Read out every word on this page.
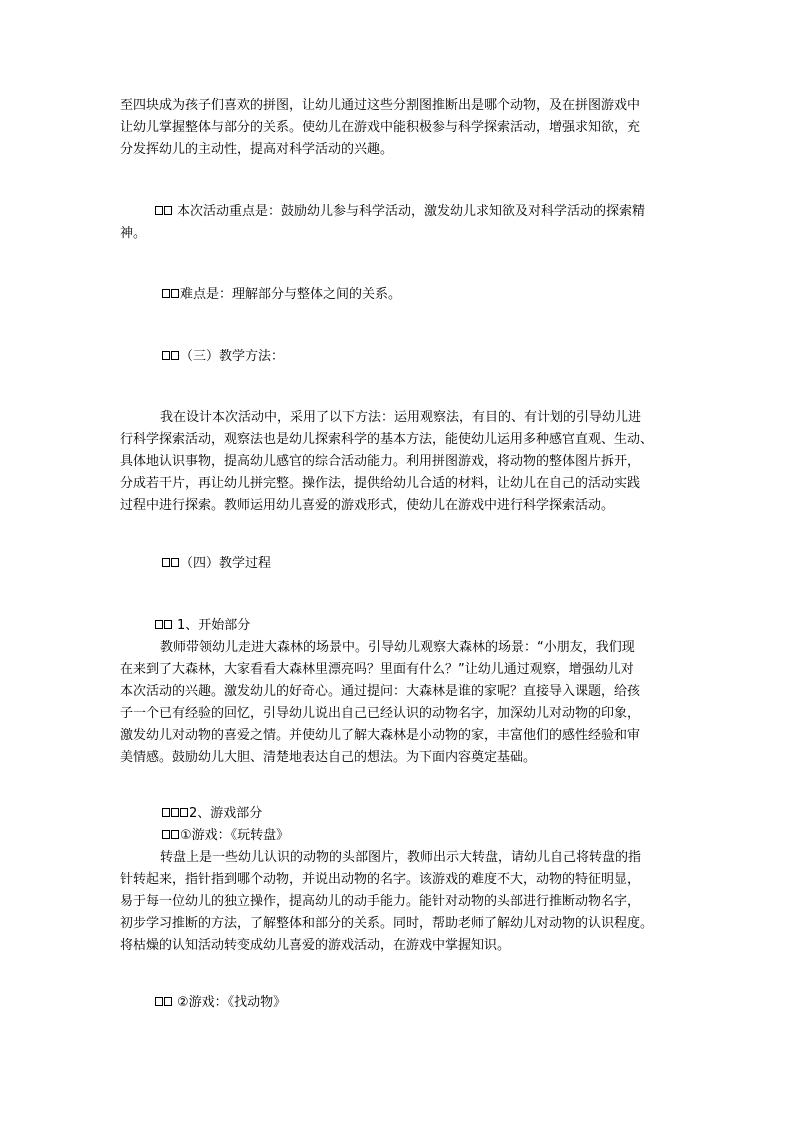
至四块成为孩子们喜欢的拼图，让幼儿通过这些分割图推断出是哪个动物，及在拼图游戏中
让幼儿掌握整体与部分的关系。使幼儿在游戏中能积极参与科学探索活动，增强求知欲，充
分发挥幼儿的主动性，提高对科学活动的兴趣。
本次活动重点是：鼓励幼儿参与科学活动，激发幼儿求知欲及对科学活动的探索精
神。
难点是：理解部分与整体之间的关系。
（三）教学方法：
我在设计本次活动中，采用了以下方法：运用观察法，有目的、有计划的引导幼儿进
行科学探索活动，观察法也是幼儿探索科学的基本方法，能使幼儿运用多种感官直观、生动、
具体地认识事物，提高幼儿感官的综合活动能力。利用拼图游戏，将动物的整体图片拆开，
分成若干片，再让幼儿拼完整。操作法，提供给幼儿合适的材料，让幼儿在自己的活动实践
过程中进行探索。教师运用幼儿喜爱的游戏形式，使幼儿在游戏中进行科学探索活动。
（四）教学过程
1、开始部分
教师带领幼儿走进大森林的场景中。引导幼儿观察大森林的场景：“小朋友，我们现
在来到了大森林，大家看看大森林里漂亮吗？里面有什么？”让幼儿通过观察，增强幼儿对
本次活动的兴趣。激发幼儿的好奇心。通过提问：大森林是谁的家呢？直接导入课题，给孩
子一个已有经验的回忆，引导幼儿说出自己已经认识的动物名字，加深幼儿对动物的印象，
激发幼儿对动物的喜爱之情。并使幼儿了解大森林是小动物的家，丰富他们的感性经验和审
美情感。鼓励幼儿大胆、清楚地表达自己的想法。为下面内容奠定基础。
2、游戏部分
①游戏：《玩转盘》
转盘上是一些幼儿认识的动物的头部图片，教师出示大转盘，请幼儿自己将转盘的指
针转起来，指针指到哪个动物，并说出动物的名字。该游戏的难度不大，动物的特征明显，
易于每一位幼儿的独立操作，提高幼儿的动手能力。能针对动物的头部进行推断动物名字，
初步学习推断的方法，了解整体和部分的关系。同时，帮助老师了解幼儿对动物的认识程度。
将枯燥的认知活动转变成幼儿喜爱的游戏活动，在游戏中掌握知识。
②游戏：《找动物》
